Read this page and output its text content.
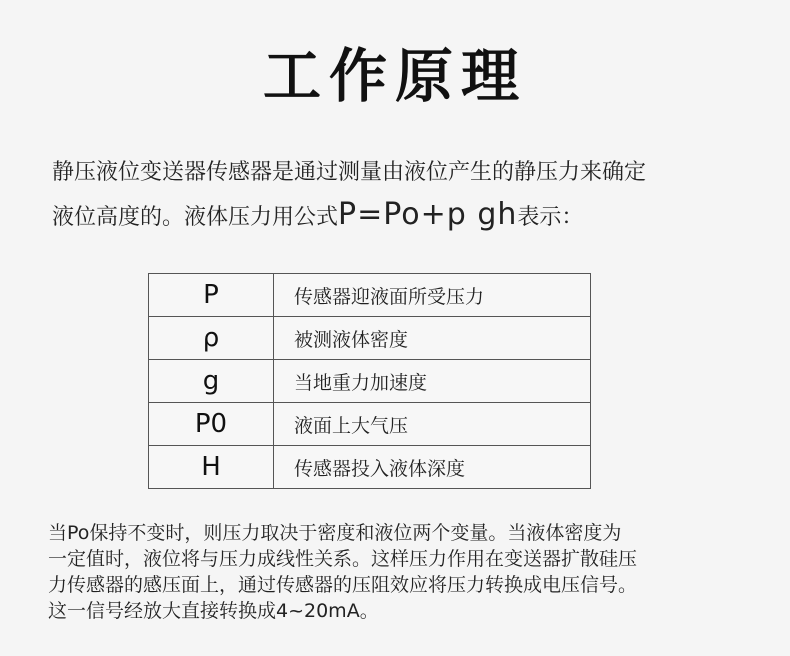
工作原理
静压液位变送器传感器是通过测量由液位产生的静压力来确定
液位高度的。液体压力用公式P=Po+p gh表示：
P	传感器迎液面所受压力
ρ	被测液体密度
g	当地重力加速度
P0	液面上大气压
H	传感器投入液体深度
当Po保持不变时，则压力取决于密度和液位两个变量。当液体密度为
一定值时，液位将与压力成线性关系。这样压力作用在变送器扩散硅压
力传感器的感压面上，通过传感器的压阻效应将压力转换成电压信号。
这一信号经放大直接转换成4~20mA。
